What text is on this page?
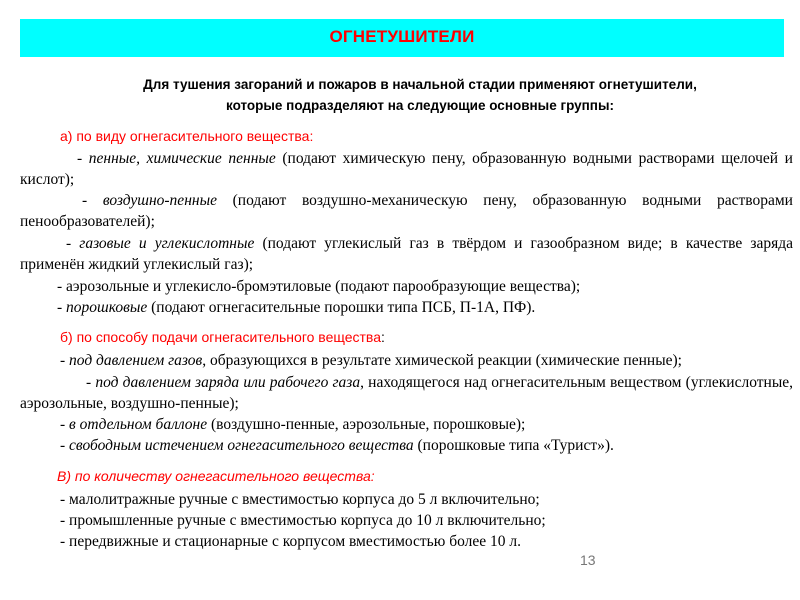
ОГНЕТУШИТЕЛИ
Для тушения загораний и пожаров в начальной стадии применяют огнетушители,
которые подразделяют на следующие основные группы:
а) по виду огнегасительного вещества:
- пенные, химические пенные (подают химическую пену, образованную водными растворами щелочей и кислот);
- воздушно-пенные (подают воздушно-механическую пену, образованную водными растворами пенообразователей);
- газовые и углекислотные (подают углекислый газ в твёрдом и газообразном виде; в качестве заряда применён жидкий углекислый газ);
- аэрозольные и углекисло-бромэтиловые (подают парообразующие вещества);
- порошковые (подают огнегасительные порошки типа ПСБ, П-1А, ПФ).
б) по способу подачи огнегасительного вещества:
- под давлением газов, образующихся в результате химической реакции (химические пенные);
- под давлением заряда или рабочего газа, находящегося над огнегасительным веществом (углекислотные, аэрозольные, воздушно-пенные);
- в отдельном баллоне (воздушно-пенные, аэрозольные, порошковые);
- свободным истечением огнегасительного вещества (порошковые типа «Турист»).
В) по количеству огнегасительного вещества:
- малолитражные ручные с вместимостью корпуса до 5 л включительно;
- промышленные ручные с вместимостью корпуса до 10 л включительно;
- передвижные и стационарные с корпусом вместимостью более 10 л.
13
